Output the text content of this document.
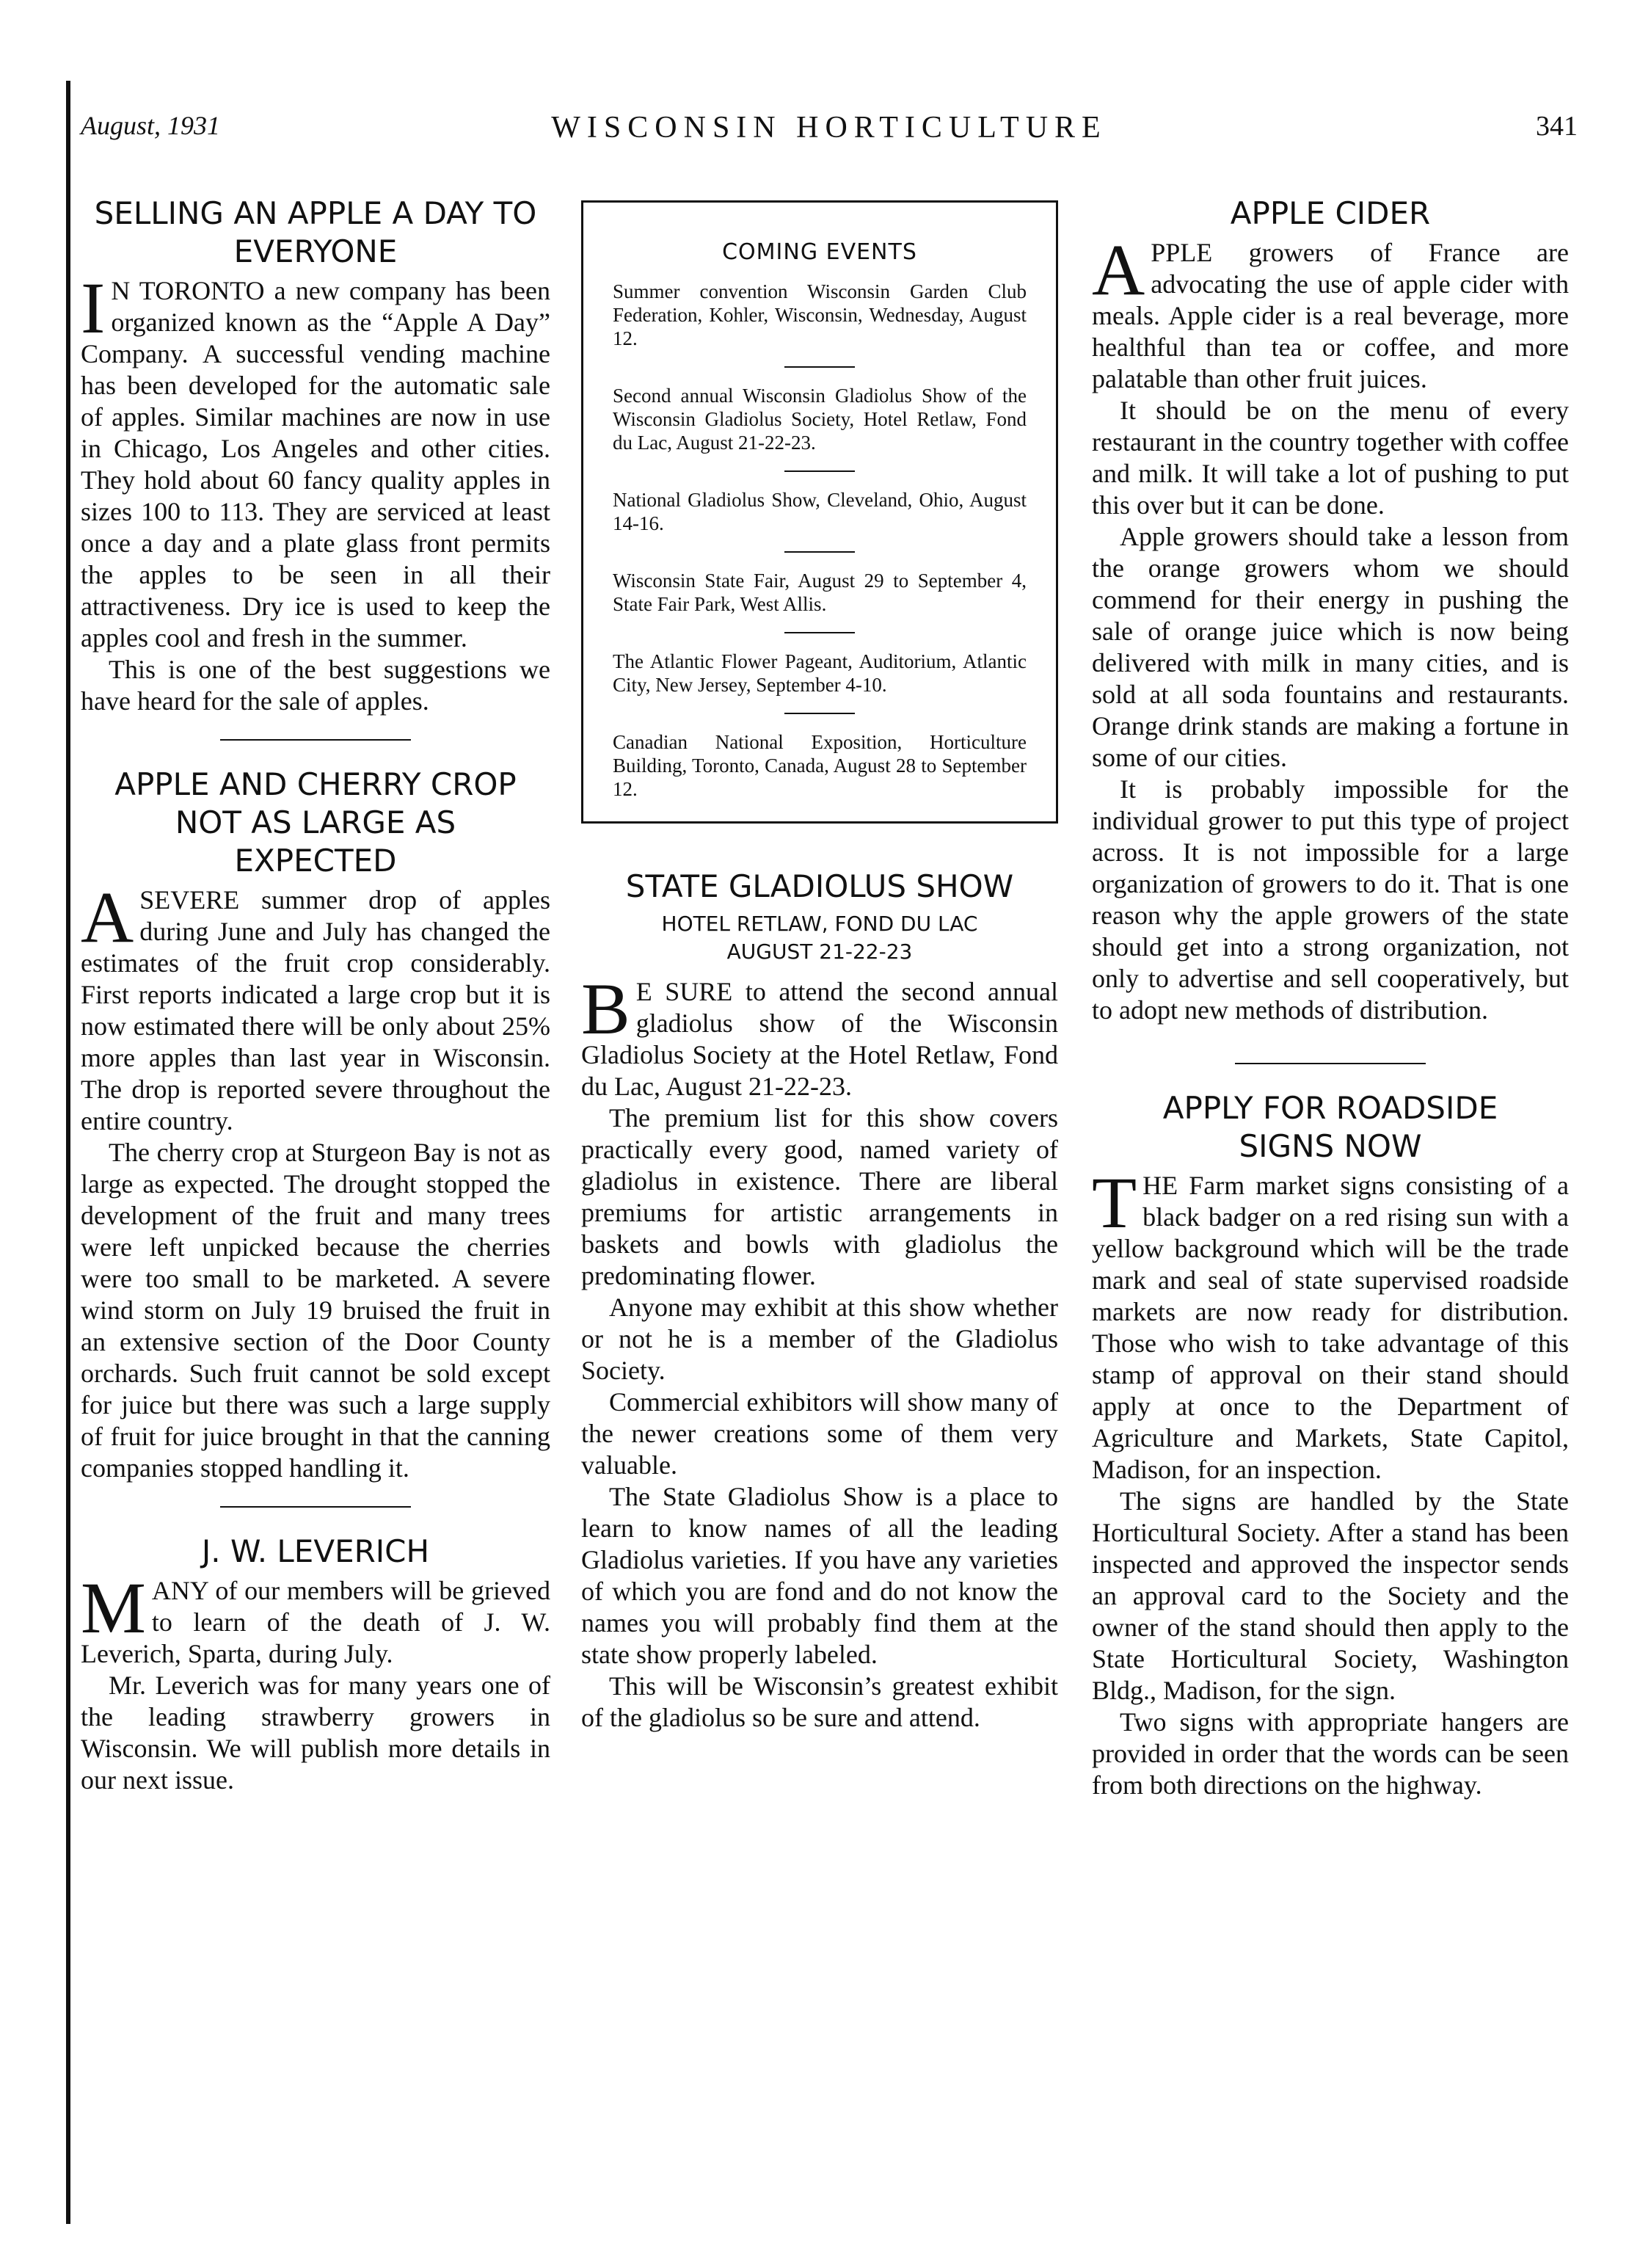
August, 1931	WISCONSIN HORTICULTURE	341
SELLING AN APPLE A DAY TO EVERYONE

I N TORONTO a new company has been organized known as the “Apple A Day” Company. A successful vending machine has been developed for the automatic sale of apples. Similar machines are now in use in Chicago, Los Angeles and other cities. They hold about 60 fancy quality apples in sizes 100 to 113. They are serviced at least once a day and a plate glass front permits the apples to be seen in all their attractiveness. Dry ice is used to keep the apples cool and fresh in the summer.

This is one of the best suggestions we have heard for the sale of apples.

APPLE AND CHERRY CROP NOT AS LARGE AS EXPECTED

A SEVERE summer drop of apples during June and July has changed the estimates of the fruit crop considerably. First reports indicated a large crop but it is now estimated there will be only about 25% more apples than last year in Wisconsin. The drop is reported severe throughout the entire country.

The cherry crop at Sturgeon Bay is not as large as expected. The drought stopped the development of the fruit and many trees were left unpicked because the cherries were too small to be marketed. A severe wind storm on July 19 bruised the fruit in an extensive section of the Door County orchards. Such fruit cannot be sold except for juice but there was such a large supply of fruit for juice brought in that the canning companies stopped handling it.

J. W. LEVERICH

MANY of our members will be grieved to learn of the death of J. W. Leverich, Sparta, during July.

Mr. Leverich was for many years one of the leading strawberry growers in Wisconsin. We will publish more details in our next issue.

COMING EVENTS
Summer convention Wisconsin Garden Club Federation, Kohler, Wisconsin, Wednesday, August 12.
Second annual Wisconsin Gladiolus Show of the Wisconsin Gladiolus Society, Hotel Retlaw, Fond du Lac, August 21-22-23.
National Gladiolus Show, Cleveland, Ohio, August 14-16.
Wisconsin State Fair, August 29 to September 4, State Fair Park, West Allis.
The Atlantic Flower Pageant, Auditorium, Atlantic City, New Jersey, September 4-10.
Canadian National Exposition, Horticulture Building, Toronto, Canada, August 28 to September 12.
STATE GLADIOLUS SHOW
HOTEL RETLAW, FOND DU LAC
AUGUST 21-22-23

B E SURE to attend the second annual gladiolus show of the Wisconsin Gladiolus Society at the Hotel Retlaw, Fond du Lac, August 21-22-23.

The premium list for this show covers practically every good, named variety of gladiolus in existence. There are liberal premiums for artistic arrangements in baskets and bowls with gladiolus the predominating flower.

Anyone may exhibit at this show whether or not he is a member of the Gladiolus Society.

Commercial exhibitors will show many of the newer creations some of them very valuable.

The State Gladiolus Show is a place to learn to know names of all the leading Gladiolus varieties. If you have any varieties of which you are fond and do not know the names you will probably find them at the state show properly labeled.

This will be Wisconsin’s greatest exhibit of the gladiolus so be sure and attend.

APPLE CIDER

APPLE growers of France are advocating the use of apple cider with meals. Apple cider is a real beverage, more healthful than tea or coffee, and more palatable than other fruit juices.

It should be on the menu of every restaurant in the country together with coffee and milk. It will take a lot of pushing to put this over but it can be done.

Apple growers should take a lesson from the orange growers whom we should commend for their energy in pushing the sale of orange juice which is now being delivered with milk in many cities, and is sold at all soda fountains and restaurants. Orange drink stands are making a fortune in some of our cities.

It is probably impossible for the individual grower to put this type of project across. It is not impossible for a large organization of growers to do it. That is one reason why the apple growers of the state should get into a strong organization, not only to advertise and sell cooperatively, but to adopt new methods of distribution.

APPLY FOR ROADSIDE SIGNS NOW

THE Farm market signs consisting of a black badger on a red rising sun with a yellow background which will be the trade mark and seal of state supervised roadside markets are now ready for distribution. Those who wish to take advantage of this stamp of approval on their stand should apply at once to the Department of Agriculture and Markets, State Capitol, Madison, for an inspection.

The signs are handled by the State Horticultural Society. After a stand has been inspected and approved the inspector sends an approval card to the Society and the owner of the stand should then apply to the State Horticultural Society, Washington Bldg., Madison, for the sign.

Two signs with appropriate hangers are provided in order that the words can be seen from both directions on the highway.
